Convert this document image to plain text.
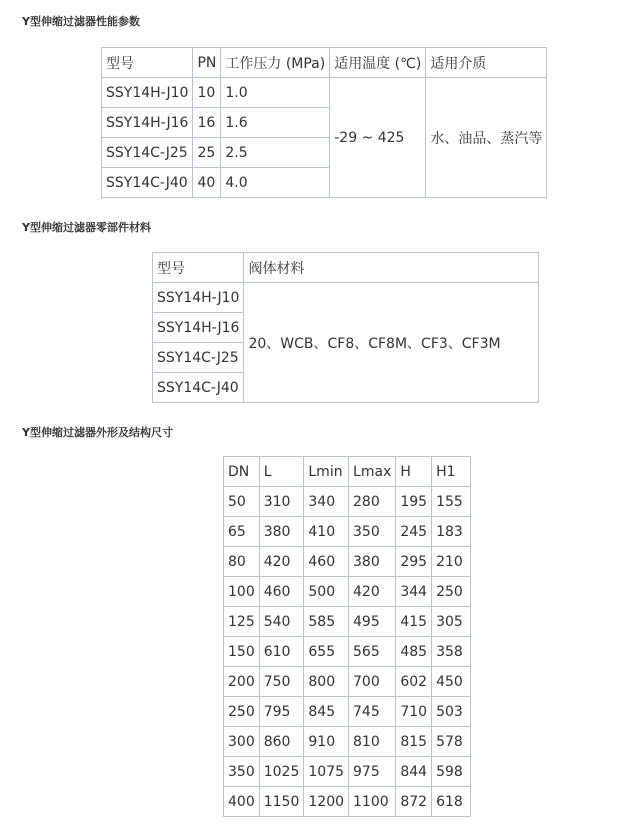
Y型伸缩过滤器性能参数
型号	PN	工作压力 (MPa)	适用温度 (℃)	适用介质
SSY14H-J10	10	1.0	-29 ~ 425	水、油品、蒸汽等
SSY14H-J16	16	1.6		
SSY14C-J25	25	2.5		
SSY14C-J40	40	4.0		
Y型伸缩过滤器零部件材料
型号	阀体材料
SSY14H-J10	20、WCB、CF8、CF8M、CF3、CF3M
SSY14H-J16	
SSY14C-J25	
SSY14C-J40	
Y型伸缩过滤器外形及结构尺寸
DN	L	Lmin	Lmax	H	H1
50	310	340	280	195	155
65	380	410	350	245	183
80	420	460	380	295	210
100	460	500	420	344	250
125	540	585	495	415	305
150	610	655	565	485	358
200	750	800	700	602	450
250	795	845	745	710	503
300	860	910	810	815	578
350	1025	1075	975	844	598
400	1150	1200	1100	872	618
